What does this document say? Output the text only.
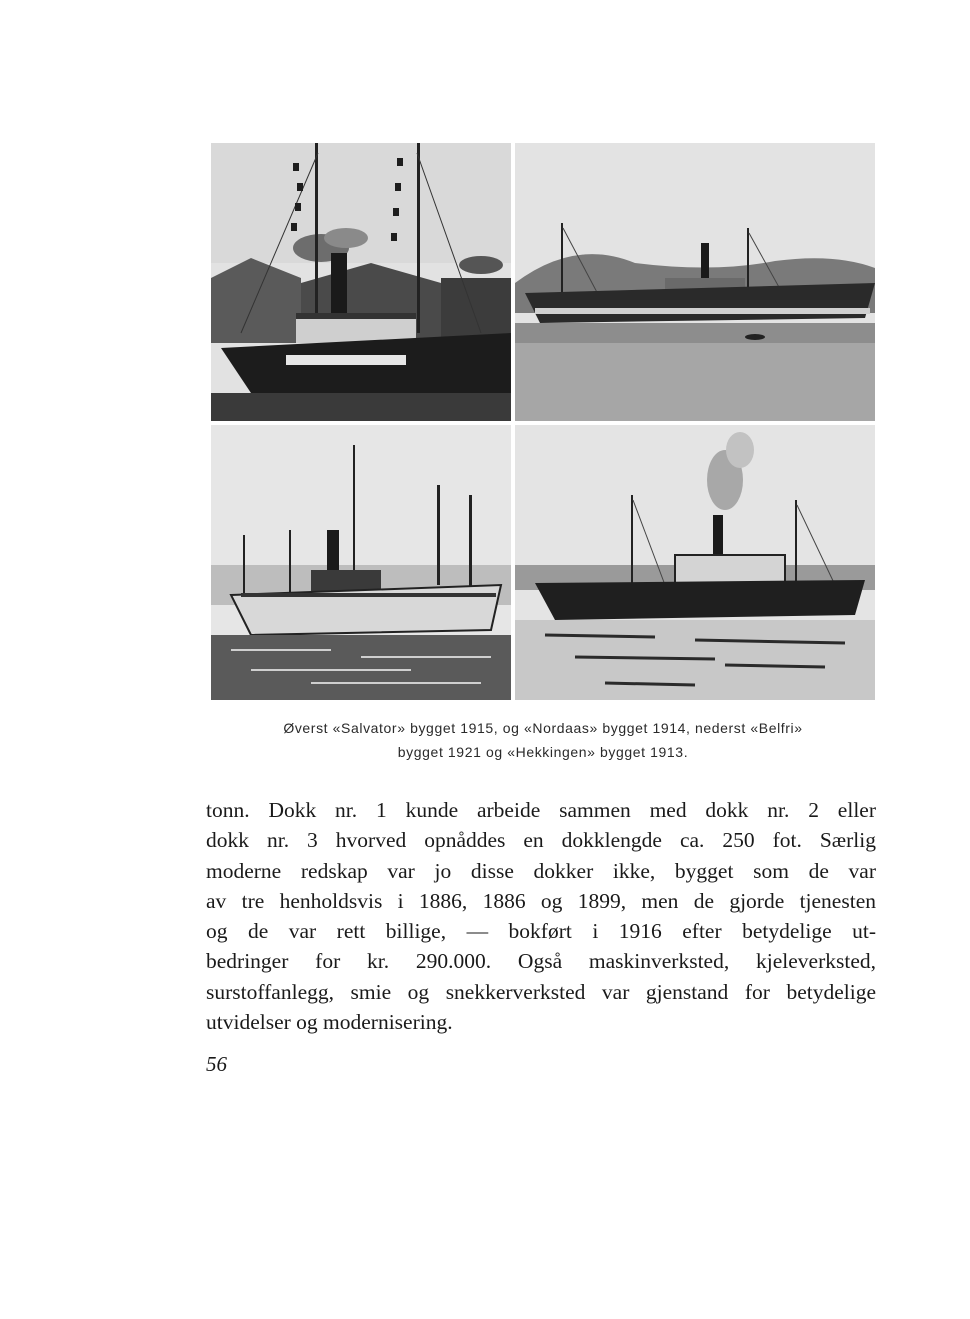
Øverst «Salvator» bygget 1915, og «Nordaas» bygget 1914, nederst «Belfri»
bygget 1921 og «Hekkingen» bygget 1913.
tonn. Dokk nr. 1 kunde arbeide sammen med dokk nr. 2 eller
dokk nr. 3 hvorved opnåddes en dokklengde ca. 250 fot. Særlig
moderne redskap var jo disse dokker ikke, bygget som de var
av tre henholdsvis i 1886, 1886 og 1899, men de gjorde tjenesten
og de var rett billige, — bokført i 1916 efter betydelige ut-
bedringer for kr. 290.000. Også maskinverksted, kjeleverksted,
surstoffanlegg, smie og snekkerverksted var gjenstand for betydelige
utvidelser og modernisering.
56
